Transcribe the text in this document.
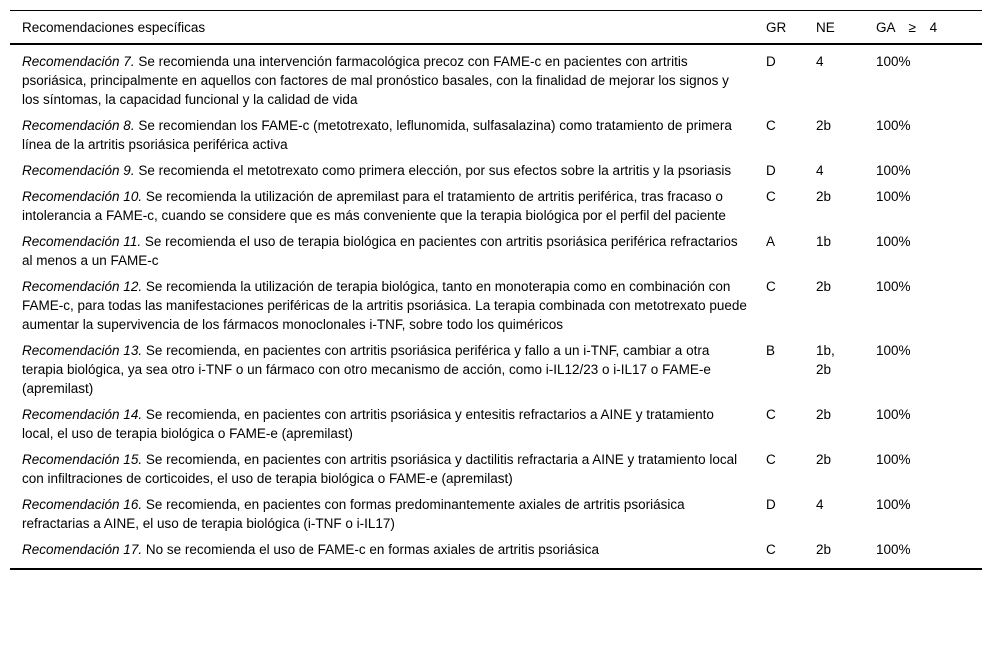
Recomendaciones específicas	GR	NE	GA ≥ 4
Recomendación 7. Se recomienda una intervención farmacológica precoz con FAME-c en pacientes con artritis psoriásica, principalmente en aquellos con factores de mal pronóstico basales, con la finalidad de mejorar los signos y los síntomas, la capacidad funcional y la calidad de vida	D	4	100%
Recomendación 8. Se recomiendan los FAME-c (metotrexato, leflunomida, sulfasalazina) como tratamiento de primera línea de la artritis psoriásica periférica activa	C	2b	100%
Recomendación 9. Se recomienda el metotrexato como primera elección, por sus efectos sobre la artritis y la psoriasis	D	4	100%
Recomendación 10. Se recomienda la utilización de apremilast para el tratamiento de artritis periférica, tras fracaso o intolerancia a FAME-c, cuando se considere que es más conveniente que la terapia biológica por el perfil del paciente	C	2b	100%
Recomendación 11. Se recomienda el uso de terapia biológica en pacientes con artritis psoriásica periférica refractarios al menos a un FAME-c	A	1b	100%
Recomendación 12. Se recomienda la utilización de terapia biológica, tanto en monoterapia como en combinación con FAME-c, para todas las manifestaciones periféricas de la artritis psoriásica. La terapia combinada con metotrexato puede aumentar la supervivencia de los fármacos monoclonales i-TNF, sobre todo los quiméricos	C	2b	100%
Recomendación 13. Se recomienda, en pacientes con artritis psoriásica periférica y fallo a un i-TNF, cambiar a otra terapia biológica, ya sea otro i-TNF o un fármaco con otro mecanismo de acción, como i-IL12/23 o i-IL17 o FAME-e (apremilast)	B	1b, 2b	100%
Recomendación 14. Se recomienda, en pacientes con artritis psoriásica y entesitis refractarios a AINE y tratamiento local, el uso de terapia biológica o FAME-e (apremilast)	C	2b	100%
Recomendación 15. Se recomienda, en pacientes con artritis psoriásica y dactilitis refractaria a AINE y tratamiento local con infiltraciones de corticoides, el uso de terapia biológica o FAME-e (apremilast)	C	2b	100%
Recomendación 16. Se recomienda, en pacientes con formas predominantemente axiales de artritis psoriásica refractarias a AINE, el uso de terapia biológica (i-TNF o i-IL17)	D	4	100%
Recomendación 17. No se recomienda el uso de FAME-c en formas axiales de artritis psoriásica	C	2b	100%
